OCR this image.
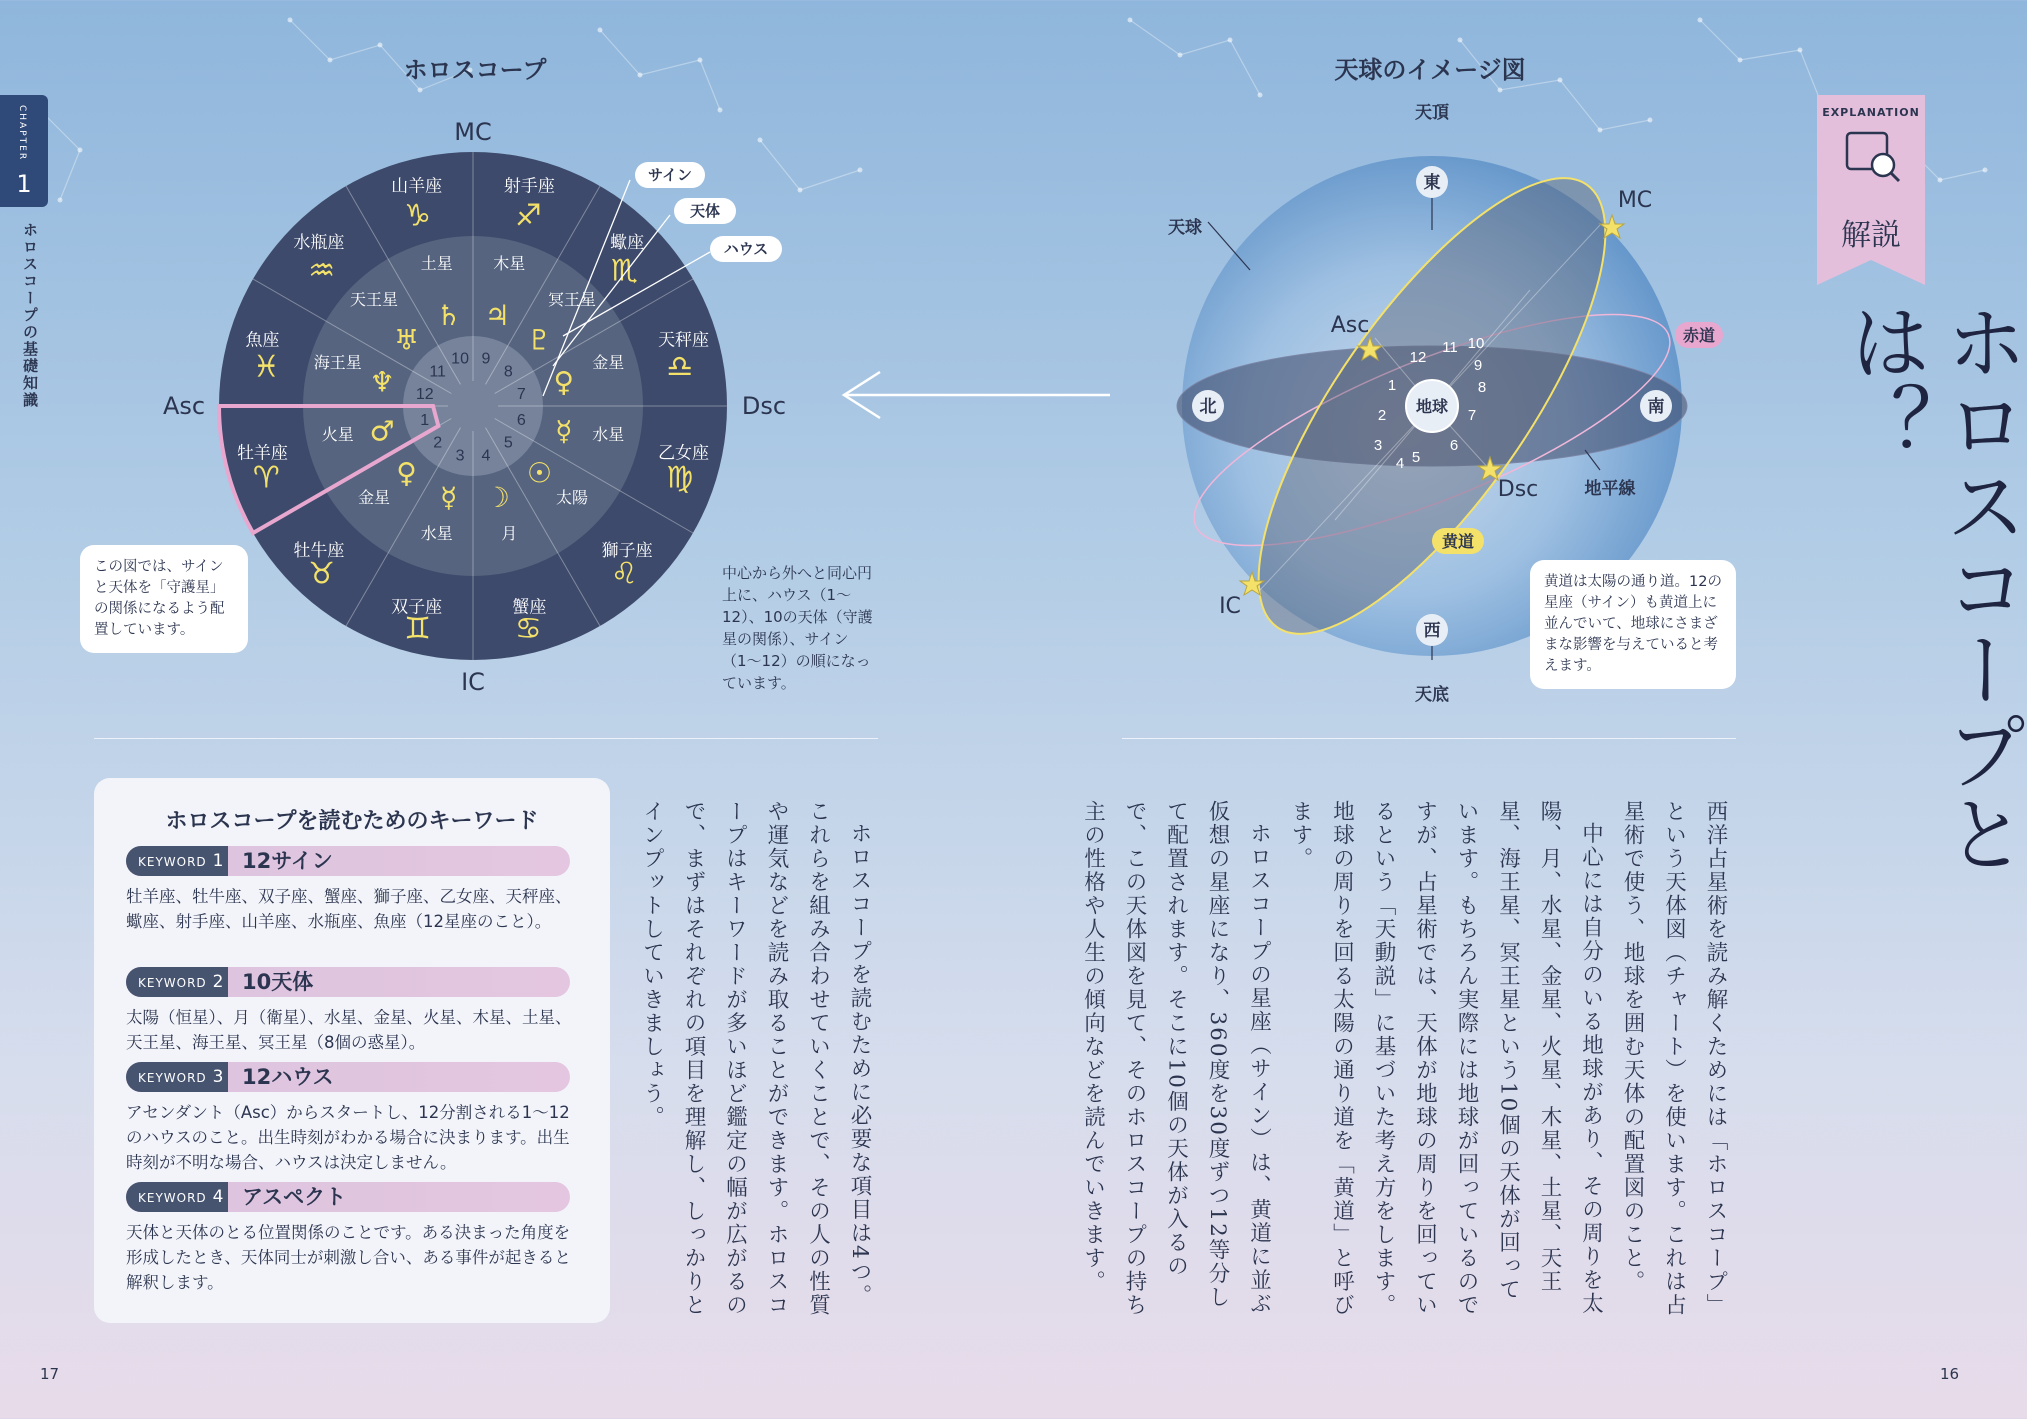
CHAPTER
1
ホロスコープの基礎知識
ホロスコープ
牡羊座
♈
火星 ♂ 1
牡牛座
♉
金星
♀
2
双子座
♊
水星
☿
3
蟹座
♋
月
☽
4
獅子座
♌
太陽
☉
5
乙女座
♍
水星
☿
6
天秤座
♎
金星
♀
7
蠍座
♏
冥王星
♇
8
射手座
♐
木星
♃
9
山羊座
♑
土星
♄
10
水瓶座
♒
天王星
♅
11
魚座
♓ 海王星
♆ 12
MC
IC
Asc	Dsc
サイン
天体
ハウス
この図では、サインと天体を「守護星」の関係になるよう配置しています。
中心から外へと同心円上に、ハウス（1〜12）、10の天体（守護星の関係）、サイン（1〜12）の順になっています。
天球のイメージ図
1
2
3
4 5
6
7
8
9
10
11
12
天頂
天底
天球
東
西
北	南
地球
地平線
MC
IC
Asc
Dsc
赤道
黄道
黄道は太陽の通り道。12の星座（サイン）も黄道上に並んでいて、地球にさまざまな影響を与えていると考えます。
EXPLANATION
解説
ホロスコープとは？

西洋占星術を読み解くためには「ホロスコープ」という天体図（チャート）を使います。これは占星術で使う、地球を囲む天体の配置図のこと。

中心には自分のいる地球があり、その周りを太陽、月、水星、金星、火星、木星、土星、天王星、海王星、冥王星という10個の天体が回っています。もちろん実際には地球が回っているのですが、占星術では、天体が地球の周りを回っているという「天動説」に基づいた考え方をします。地球の周りを回る太陽の通り道を「黄道」と呼びます。

ホロスコープの星座（サイン）は、黄道に並ぶ仮想の星座になり、360度を30度ずつ12等分して配置されます。そこに10個の天体が入るので、この天体図を見て、そのホロスコープの持ち主の性格や人生の傾向などを読んでいきます。

ホロスコープを読むために必要な項目は4つ。これらを組み合わせていくことで、その人の性質や運気などを読み取ることができます。ホロスコープはキーワードが多いほど鑑定の幅が広がるので、まずはそれぞれの項目を理解し、しっかりとインプットしていきましょう。
ホロスコープを読むためのキーワード
KEYWORD 1 12サイン
牡羊座、牡牛座、双子座、蟹座、獅子座、乙女座、天秤座、蠍座、射手座、山羊座、水瓶座、魚座（12星座のこと）。
KEYWORD 2 10天体
太陽（恒星）、月（衛星）、水星、金星、火星、木星、土星、天王星、海王星、冥王星（8個の惑星）。
KEYWORD 3 12ハウス
アセンダント（Asc）からスタートし、12分割される1〜12のハウスのこと。出生時刻がわかる場合に決まります。出生時刻が不明な場合、ハウスは決定しません。
KEYWORD 4 アスペクト
天体と天体のとる位置関係のことです。ある決まった角度を形成したとき、天体同士が刺激し合い、ある事件が起きると解釈します。
17	16
